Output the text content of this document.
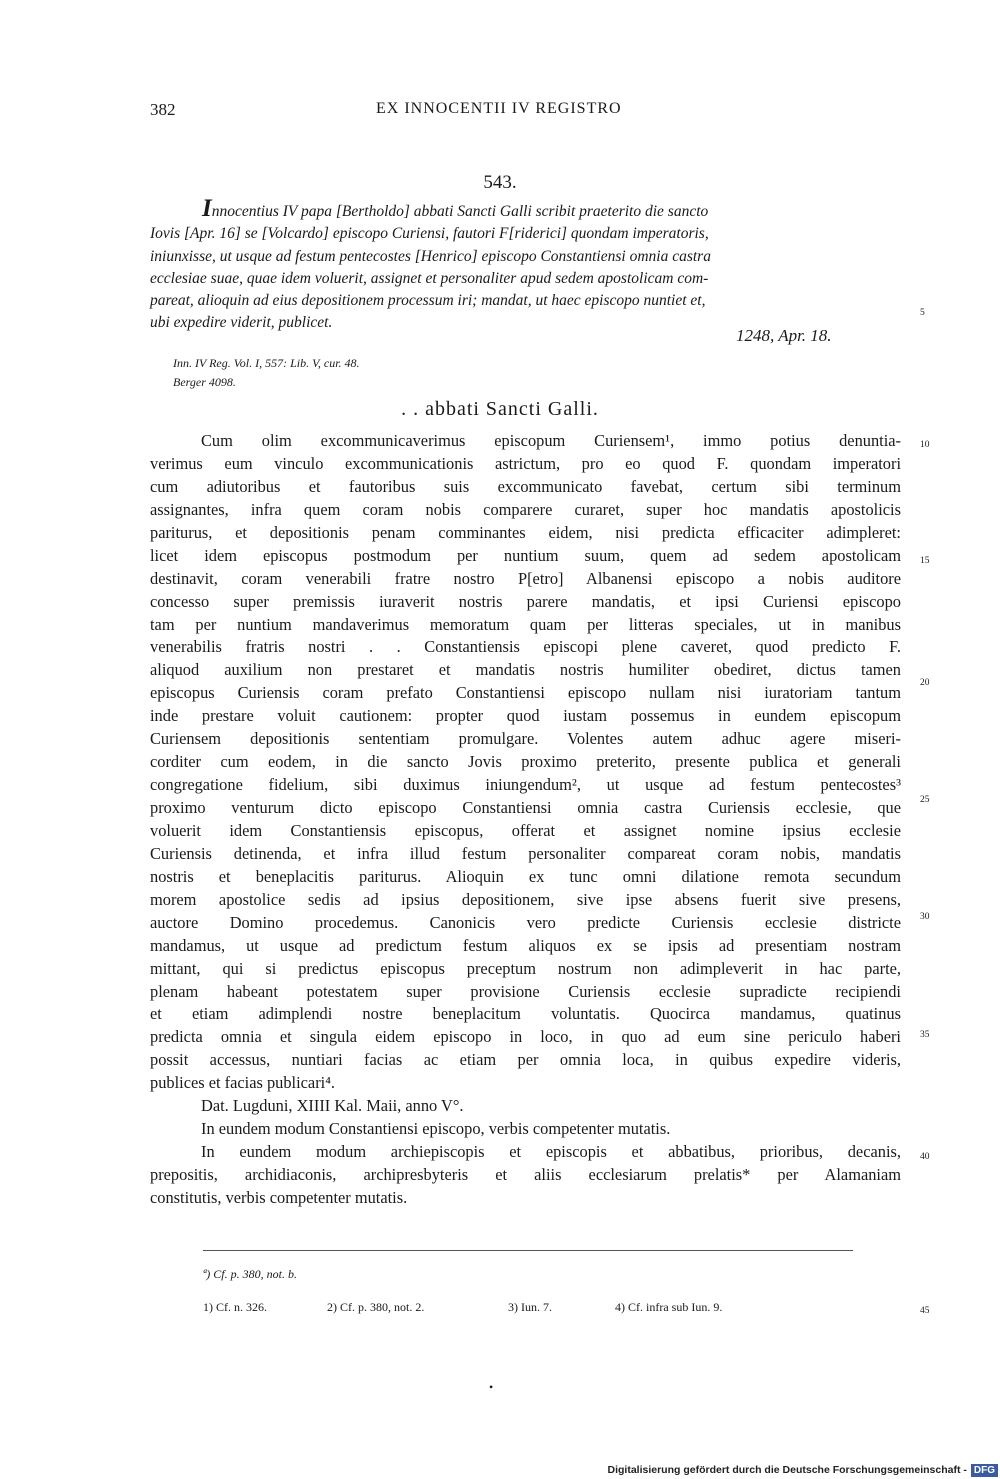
382	EX INNOCENTII IV REGISTRO
543.
Innocentius IV papa [Bertholdo] abbati Sancti Galli scribit praeterito die sancto
Iovis [Apr. 16] se [Volcardo] episcopo Curiensi, fautori F[riderici] quondam imperatoris,
iniunxisse, ut usque ad festum pentecostes [Henrico] episcopo Constantiensi omnia castra
ecclesiae suae, quae idem voluerit, assignet et personaliter apud sedem apostolicam com-
pareat, alioquin ad eius depositionem processum iri; mandat, ut haec episcopo nuntiet et,
ubi expedire viderit, publicet.
1248, Apr. 18.
Inn. IV Reg. Vol. I, 557: Lib. V, cur. 48.
Berger 4098.
. . abbati Sancti Galli.
Cum olim excommunicaverimus episcopum Curiensem¹, immo potius denuntia-
verimus eum vinculo excommunicationis astrictum, pro eo quod F. quondam imperatori
cum adiutoribus et fautoribus suis excommunicato favebat, certum sibi terminum
assignantes, infra quem coram nobis comparere curaret, super hoc mandatis apostolicis
pariturus, et depositionis penam comminantes eidem, nisi predicta efficaciter adimpleret:
licet idem episcopus postmodum per nuntium suum, quem ad sedem apostolicam
destinavit, coram venerabili fratre nostro P[etro] Albanensi episcopo a nobis auditore
concesso super premissis iuraverit nostris parere mandatis, et ipsi Curiensi episcopo
tam per nuntium mandaverimus memoratum quam per litteras speciales, ut in manibus
venerabilis fratris nostri . . Constantiensis episcopi plene caveret, quod predicto F.
aliquod auxilium non prestaret et mandatis nostris humiliter obediret, dictus tamen
episcopus Curiensis coram prefato Constantiensi episcopo nullam nisi iuratoriam tantum
inde prestare voluit cautionem: propter quod iustam possemus in eundem episcopum
Curiensem depositionis sententiam promulgare. Volentes autem adhuc agere miseri-
corditer cum eodem, in die sancto Jovis proximo preterito, presente publica et generali
congregatione fidelium, sibi duximus iniungendum², ut usque ad festum pentecostes³
proximo venturum dicto episcopo Constantiensi omnia castra Curiensis ecclesie, que
voluerit idem Constantiensis episcopus, offerat et assignet nomine ipsius ecclesie
Curiensis detinenda, et infra illud festum personaliter compareat coram nobis, mandatis
nostris et beneplacitis pariturus. Alioquin ex tunc omni dilatione remota secundum
morem apostolice sedis ad ipsius depositionem, sive ipse absens fuerit sive presens,
auctore Domino procedemus. Canonicis vero predicte Curiensis ecclesie districte
mandamus, ut usque ad predictum festum aliquos ex se ipsis ad presentiam nostram
mittant, qui si predictus episcopus preceptum nostrum non adimpleverit in hac parte,
plenam habeant potestatem super provisione Curiensis ecclesie supradicte recipiendi
et etiam adimplendi nostre beneplacitum voluntatis. Quocirca mandamus, quatinus
predicta omnia et singula eidem episcopo in loco, in quo ad eum sine periculo haberi
possit accessus, nuntiari facias ac etiam per omnia loca, in quibus expedire videris,
publices et facias publicari⁴.
Dat. Lugduni, XIIII Kal. Maii, anno V°.
In eundem modum Constantiensi episcopo, verbis competenter mutatis.
In eundem modum archiepiscopis et episcopis et abbatibus, prioribus, decanis,
prepositis, archidiaconis, archipresbyteris et aliis ecclesiarum prelatis* per Alamaniam
constitutis, verbis competenter mutatis.
5
10
15
20
25
30
35
40
45
ª) Cf. p. 380, not. b.
1) Cf. n. 326.	2) Cf. p. 380, not. 2.	3) Iun. 7.	4) Cf. infra sub Iun. 9.
•
Digitalisierung gefördert durch die Deutsche Forschungsgemeinschaft - DFG
